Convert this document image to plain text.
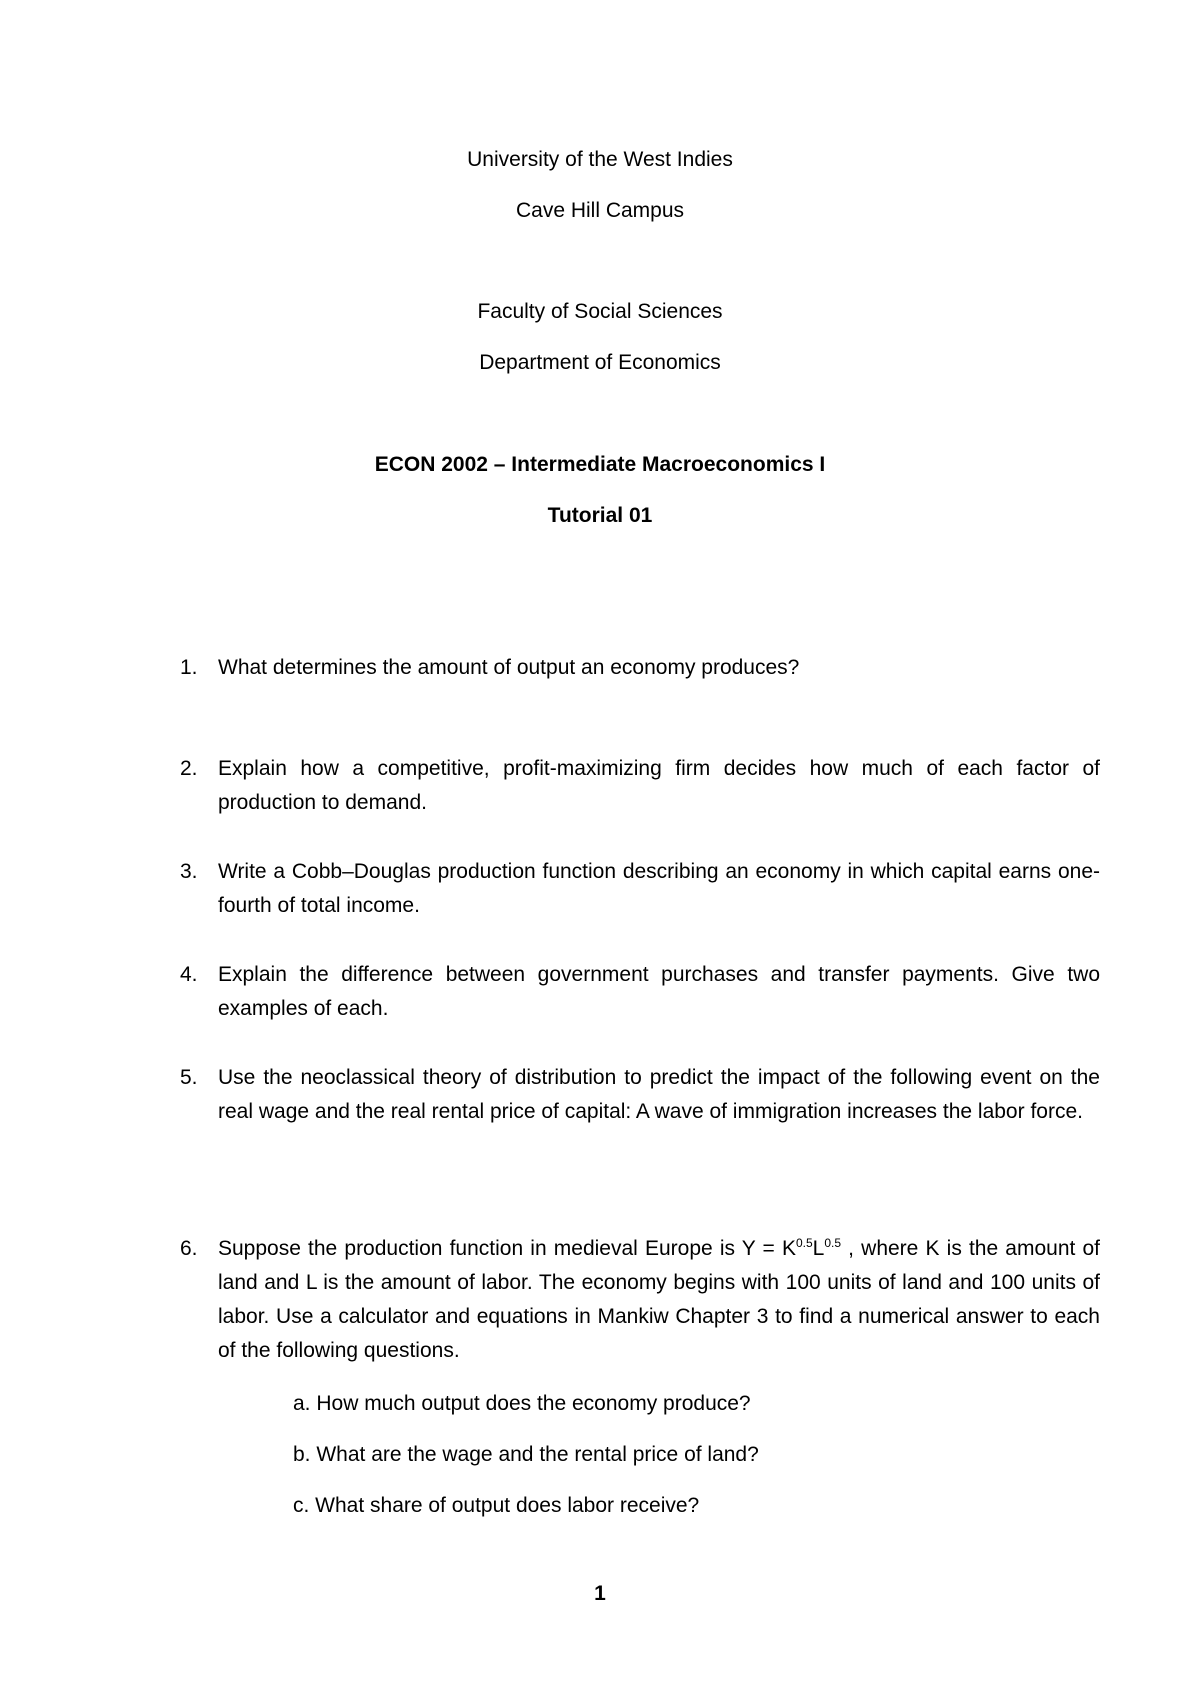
University of the West Indies
Cave Hill Campus
Faculty of Social Sciences
Department of Economics
ECON 2002 – Intermediate Macroeconomics I
Tutorial 01
1. What determines the amount of output an economy produces?
2. Explain how a competitive, profit-maximizing firm decides how much of each factor of production to demand.
3. Write a Cobb–Douglas production function describing an economy in which capital earns one-fourth of total income.
4. Explain the difference between government purchases and transfer payments. Give two examples of each.
5. Use the neoclassical theory of distribution to predict the impact of the following event on the real wage and the real rental price of capital: A wave of immigration increases the labor force.
6. Suppose the production function in medieval Europe is $Y = K^{0.5}L^{0.5}$ , where K is the amount of land and L is the amount of labor. The economy begins with 100 units of land and 100 units of labor. Use a calculator and equations in Mankiw Chapter 3 to find a numerical answer to each of the following questions.
a. How much output does the economy produce?
b. What are the wage and the rental price of land?
c. What share of output does labor receive?
1
